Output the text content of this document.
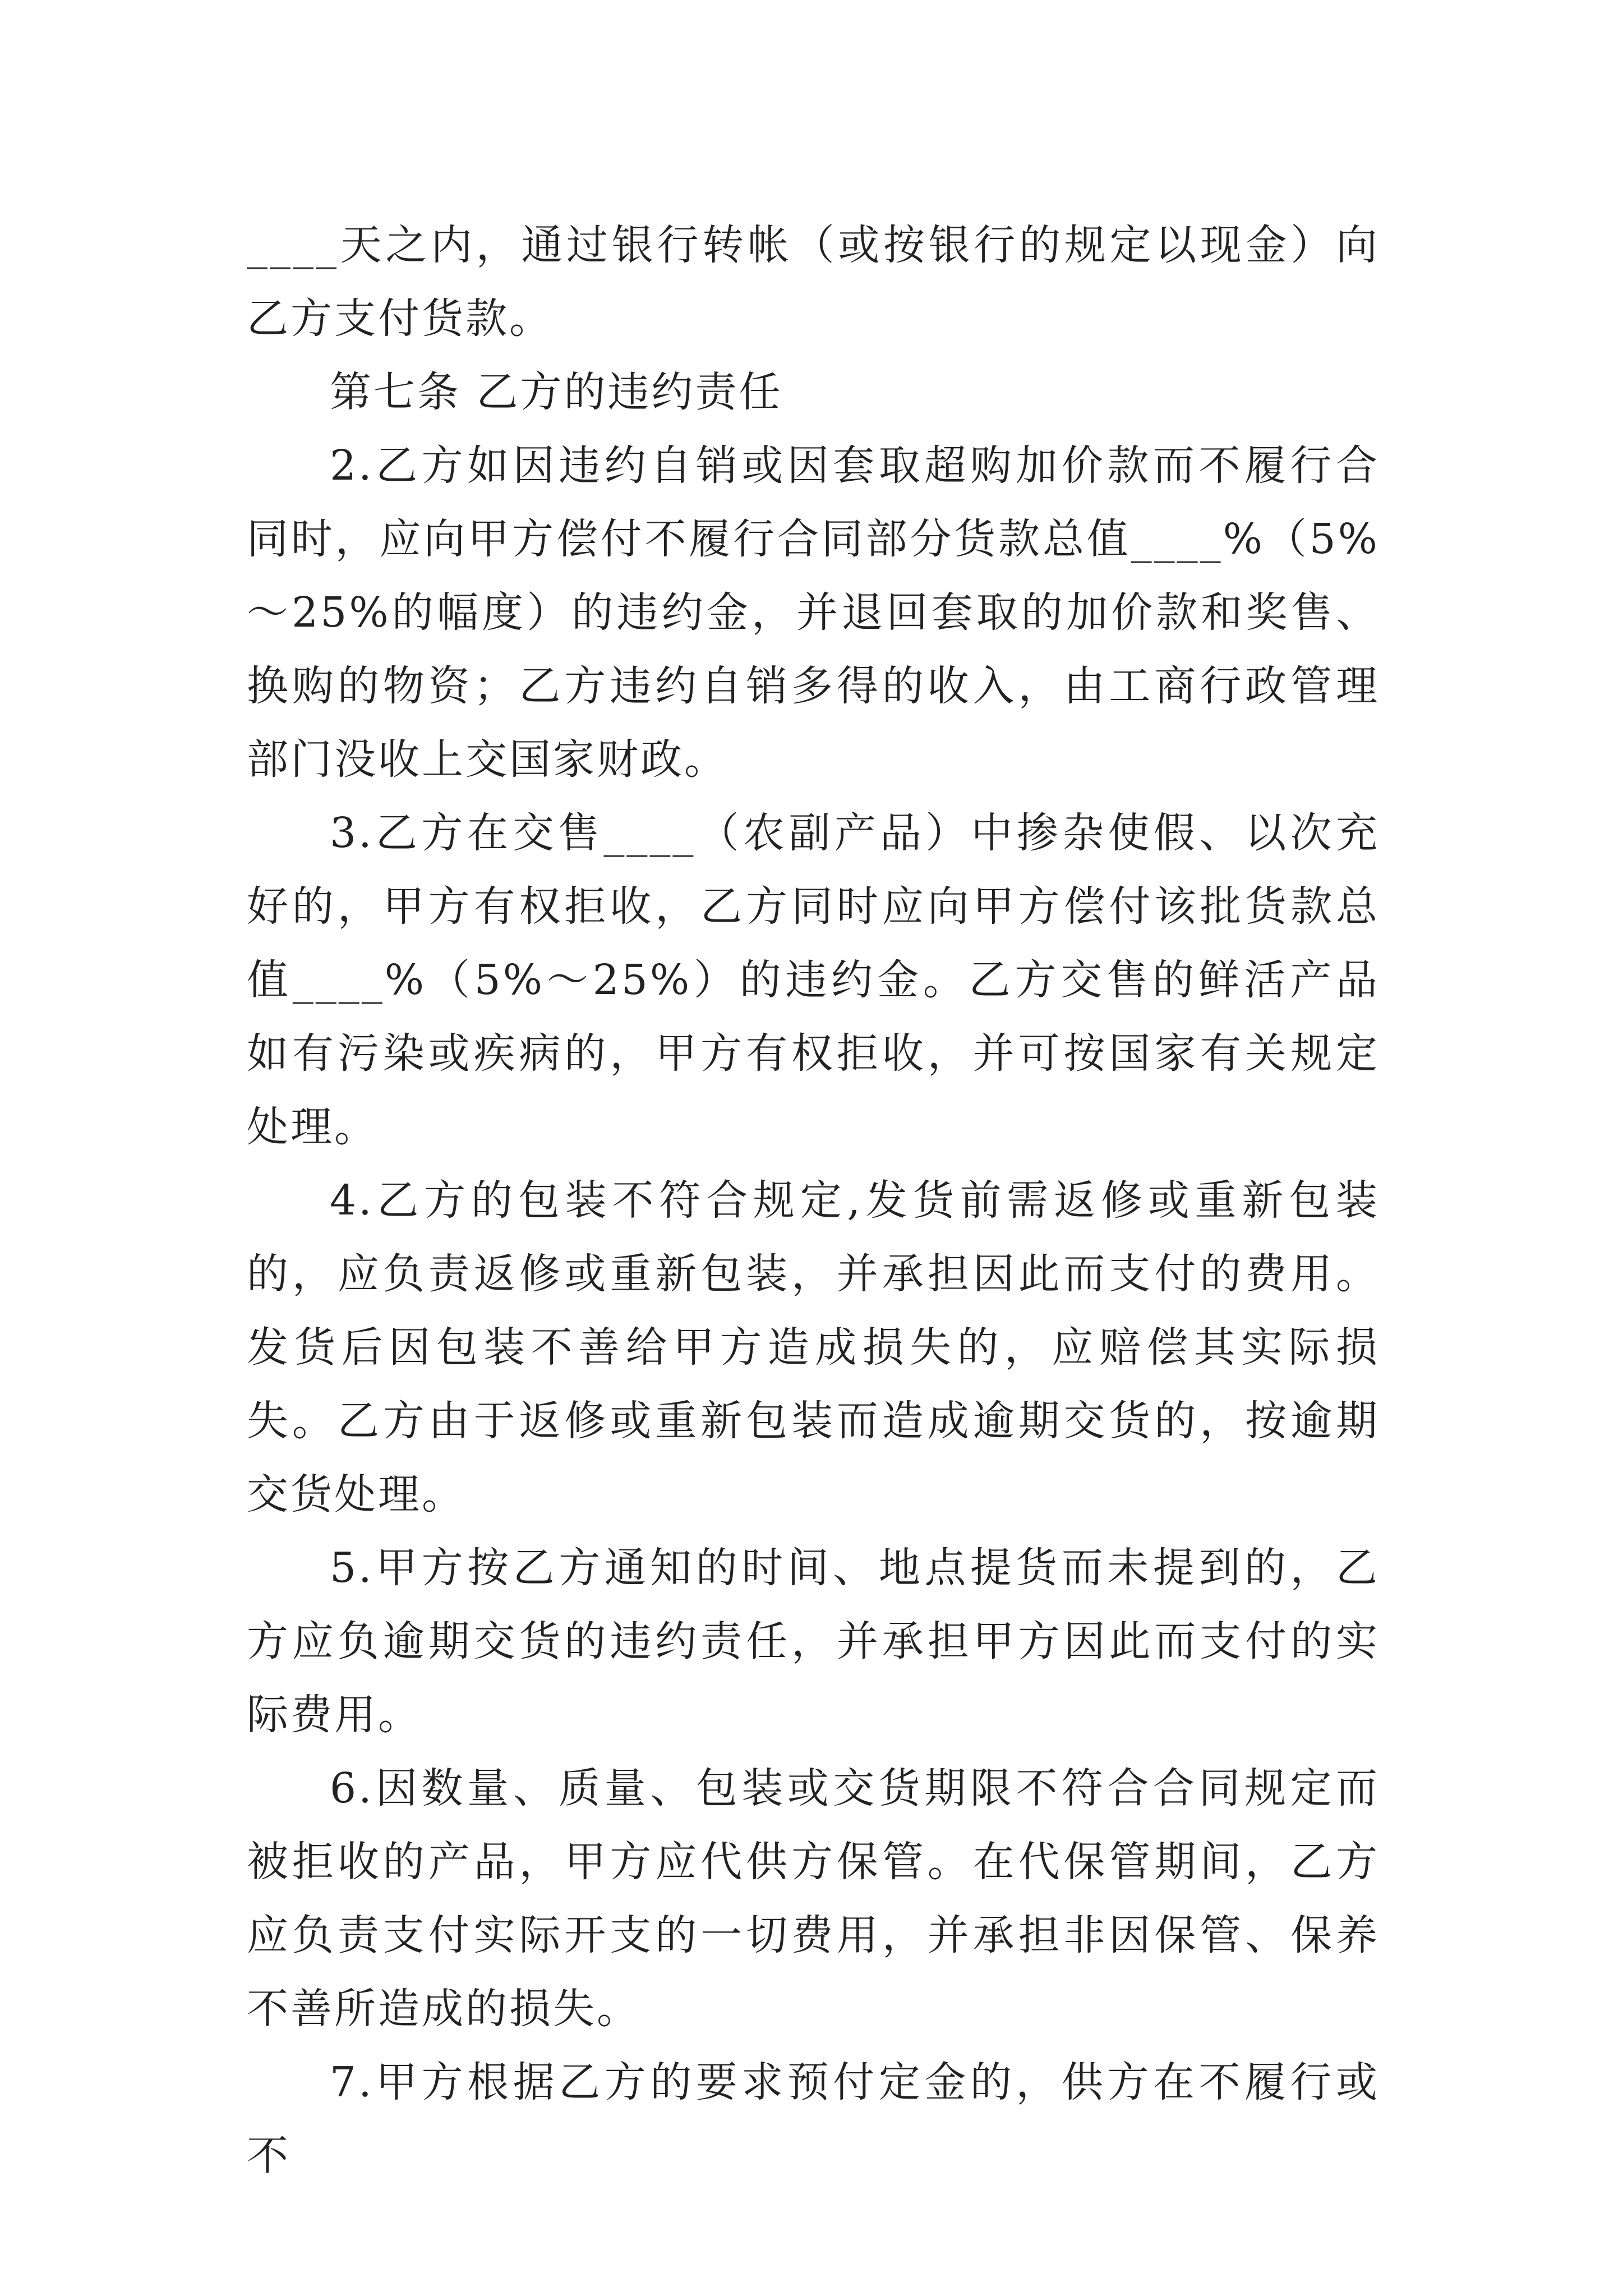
____天之内，通过银行转帐（或按银行的规定以现金）向乙方支付货款。

第七条 乙方的违约责任

2.乙方如因违约自销或因套取超购加价款而不履行合同时，应向甲方偿付不履行合同部分货款总值____%（5%～25%的幅度）的违约金，并退回套取的加价款和奖售、换购的物资；乙方违约自销多得的收入，由工商行政管理部门没收上交国家财政。

3.乙方在交售____（农副产品）中掺杂使假、以次充好的，甲方有权拒收，乙方同时应向甲方偿付该批货款总值____%（5%～25%）的违约金。乙方交售的鲜活产品如有污染或疾病的，甲方有权拒收，并可按国家有关规定处理。

4.乙方的包装不符合规定,发货前需返修或重新包装的，应负责返修或重新包装，并承担因此而支付的费用。发货后因包装不善给甲方造成损失的，应赔偿其实际损失。乙方由于返修或重新包装而造成逾期交货的，按逾期交货处理。

5.甲方按乙方通知的时间、地点提货而未提到的，乙方应负逾期交货的违约责任，并承担甲方因此而支付的实际费用。

6.因数量、质量、包装或交货期限不符合合同规定而被拒收的产品，甲方应代供方保管。在代保管期间，乙方应负责支付实际开支的一切费用，并承担非因保管、保养不善所造成的损失。

7.甲方根据乙方的要求预付定金的，供方在不履行或不
